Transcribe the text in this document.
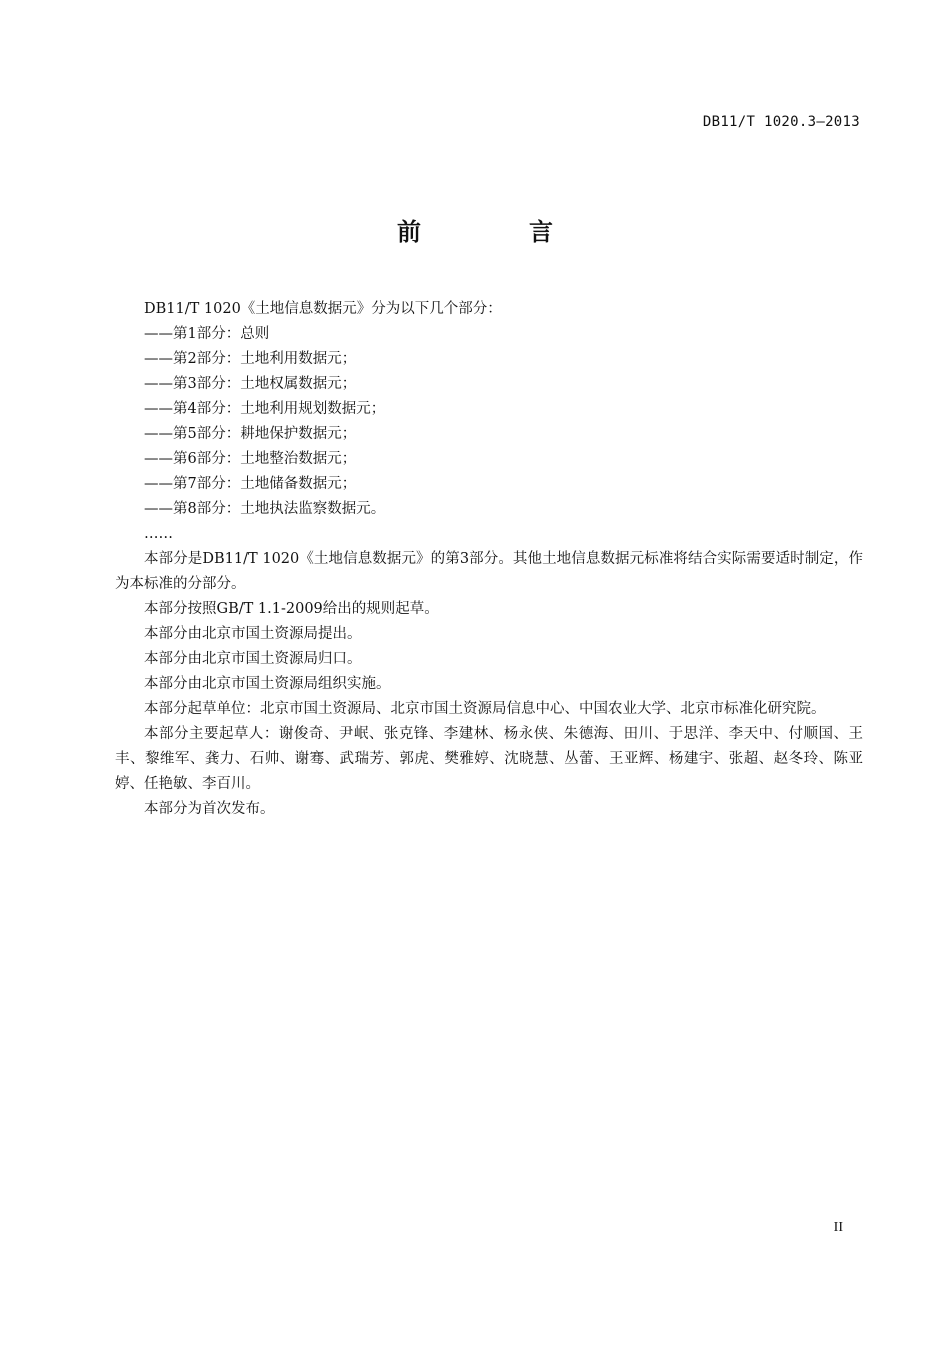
DB11/T 1020.3—2013
前言

DB11/T 1020《土地信息数据元》分为以下几个部分：

——第1部分：总则
——第2部分：土地利用数据元；
——第3部分：土地权属数据元；
——第4部分：土地利用规划数据元；
——第5部分：耕地保护数据元；
——第6部分：土地整治数据元；
——第7部分：土地储备数据元；
——第8部分：土地执法监察数据元。
……

本部分是DB11/T 1020《土地信息数据元》的第3部分。其他土地信息数据元标准将结合实际需要适时制定，作为本标准的分部分。

本部分按照GB/T 1.1-2009给出的规则起草。

本部分由北京市国土资源局提出。

本部分由北京市国土资源局归口。

本部分由北京市国土资源局组织实施。

本部分起草单位：北京市国土资源局、北京市国土资源局信息中心、中国农业大学、北京市标准化研究院。

本部分主要起草人：谢俊奇、尹岷、张克锋、李建林、杨永侠、朱德海、田川、于思洋、李天中、付顺国、王丰、黎维军、龚力、石帅、谢骞、武瑞芳、郭虎、樊雅婷、沈晓慧、丛蕾、王亚辉、杨建宇、张超、赵冬玲、陈亚婷、任艳敏、李百川。

本部分为首次发布。

II
